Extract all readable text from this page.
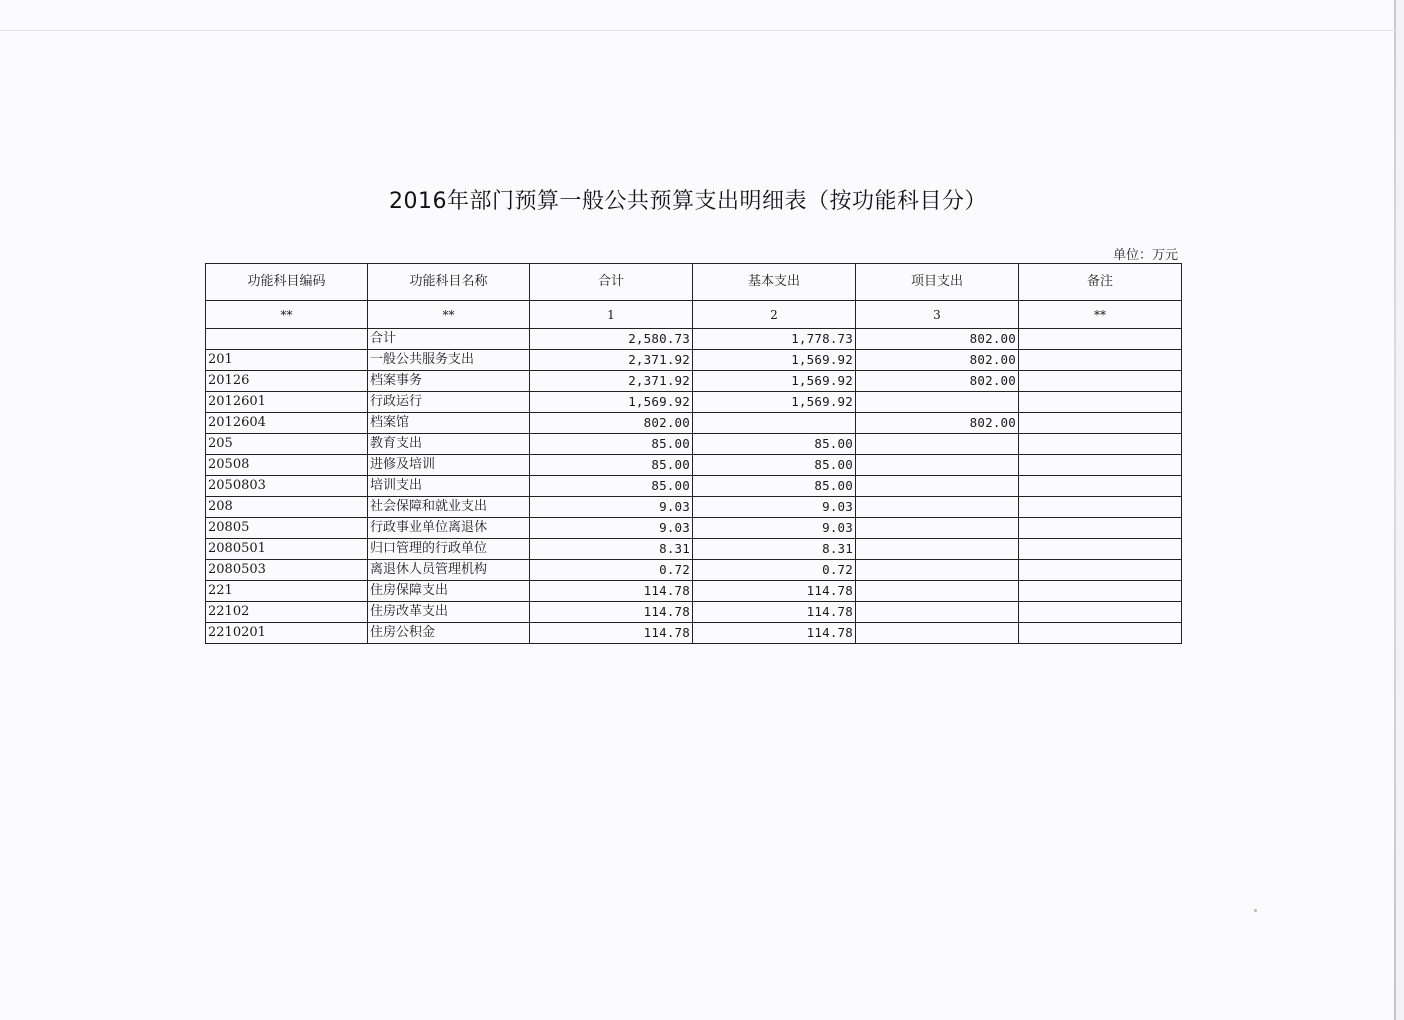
2016年部门预算一般公共预算支出明细表（按功能科目分）
单位：万元
功能科目编码	功能科目名称	合计	基本支出	项目支出	备注
**	**	1	2	3	**
	合计	2,580.73	1,778.73	802.00	
201	一般公共服务支出	2,371.92	1,569.92	802.00	
20126	档案事务	2,371.92	1,569.92	802.00	
2012601	行政运行	1,569.92	1,569.92		
2012604	档案馆	802.00		802.00	
205	教育支出	85.00	85.00		
20508	进修及培训	85.00	85.00		
2050803	培训支出	85.00	85.00		
208	社会保障和就业支出	9.03	9.03		
20805	行政事业单位离退休	9.03	9.03		
2080501	归口管理的行政单位	8.31	8.31		
2080503	离退休人员管理机构	0.72	0.72		
221	住房保障支出	114.78	114.78		
22102	住房改革支出	114.78	114.78		
2210201	住房公积金	114.78	114.78		
